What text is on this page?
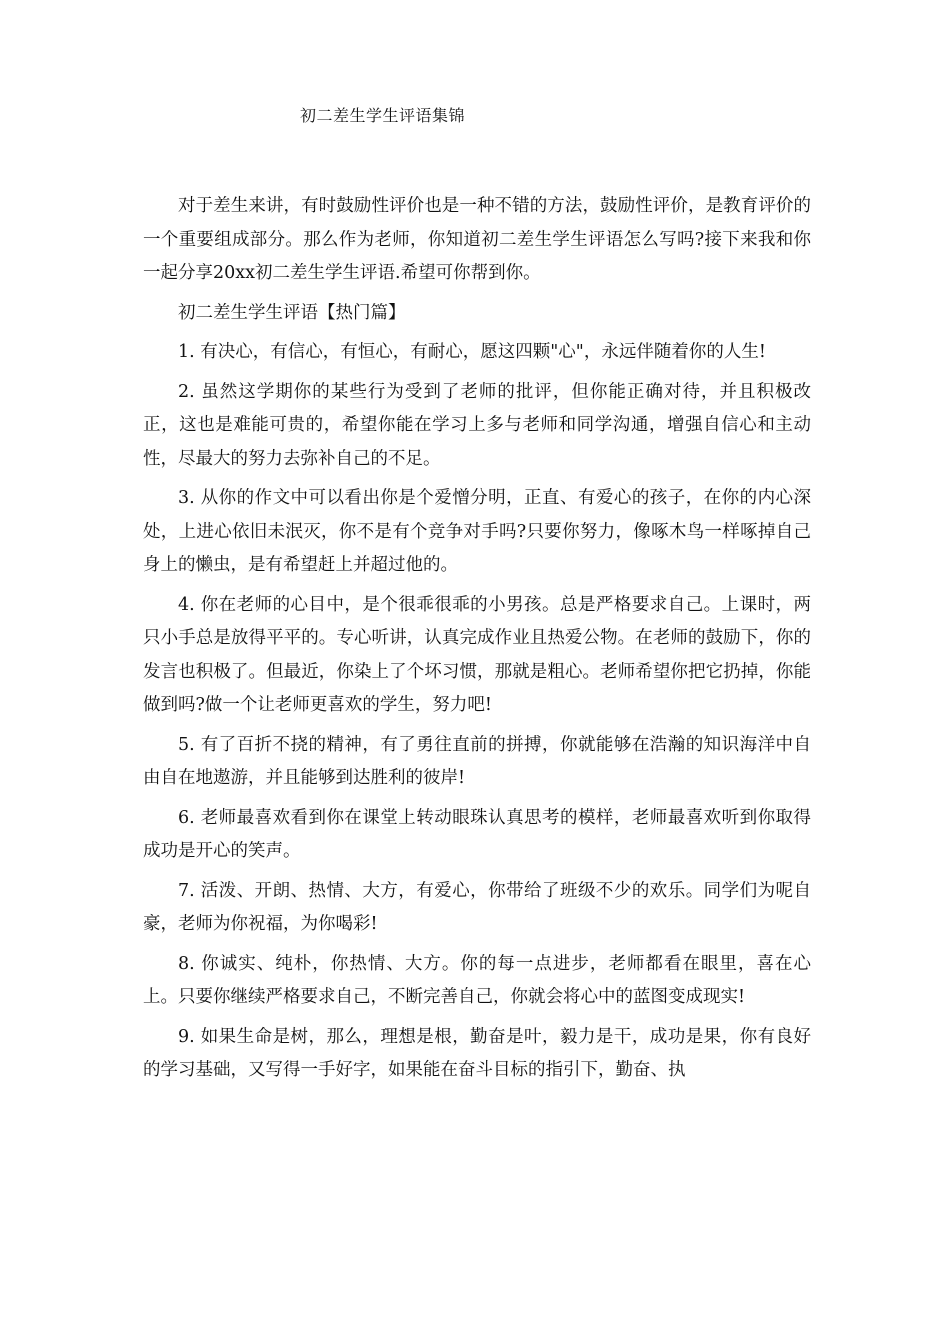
初二差生学生评语集锦

对于差生来讲，有时鼓励性评价也是一种不错的方法，鼓励性评价，是教育评价的一个重要组成部分。那么作为老师，你知道初二差生学生评语怎么写吗?接下来我和你一起分享20xx初二差生学生评语.希望可你帮到你。

初二差生学生评语【热门篇】

1. 有决心，有信心，有恒心，有耐心，愿这四颗"心"，永远伴随着你的人生!

2. 虽然这学期你的某些行为受到了老师的批评，但你能正确对待，并且积极改正，这也是难能可贵的，希望你能在学习上多与老师和同学沟通，增强自信心和主动性，尽最大的努力去弥补自己的不足。

3. 从你的作文中可以看出你是个爱憎分明，正直、有爱心的孩子，在你的内心深处，上进心依旧未泯灭，你不是有个竞争对手吗?只要你努力，像啄木鸟一样啄掉自己身上的懒虫，是有希望赶上并超过他的。

4. 你在老师的心目中，是个很乖很乖的小男孩。总是严格要求自己。上课时，两只小手总是放得平平的。专心听讲，认真完成作业且热爱公物。在老师的鼓励下，你的发言也积极了。但最近，你染上了个坏习惯，那就是粗心。老师希望你把它扔掉，你能做到吗?做一个让老师更喜欢的学生，努力吧!

5. 有了百折不挠的精神，有了勇往直前的拼搏，你就能够在浩瀚的知识海洋中自由自在地遨游，并且能够到达胜利的彼岸!

6. 老师最喜欢看到你在课堂上转动眼珠认真思考的模样，老师最喜欢听到你取得成功是开心的笑声。

7. 活泼、开朗、热情、大方，有爱心，你带给了班级不少的欢乐。同学们为呢自豪，老师为你祝福，为你喝彩!

8. 你诚实、纯朴，你热情、大方。你的每一点进步，老师都看在眼里，喜在心上。只要你继续严格要求自己，不断完善自己，你就会将心中的蓝图变成现实!

9. 如果生命是树，那么，理想是根，勤奋是叶，毅力是干，成功是果，你有良好的学习基础，又写得一手好字，如果能在奋斗目标的指引下，勤奋、执
